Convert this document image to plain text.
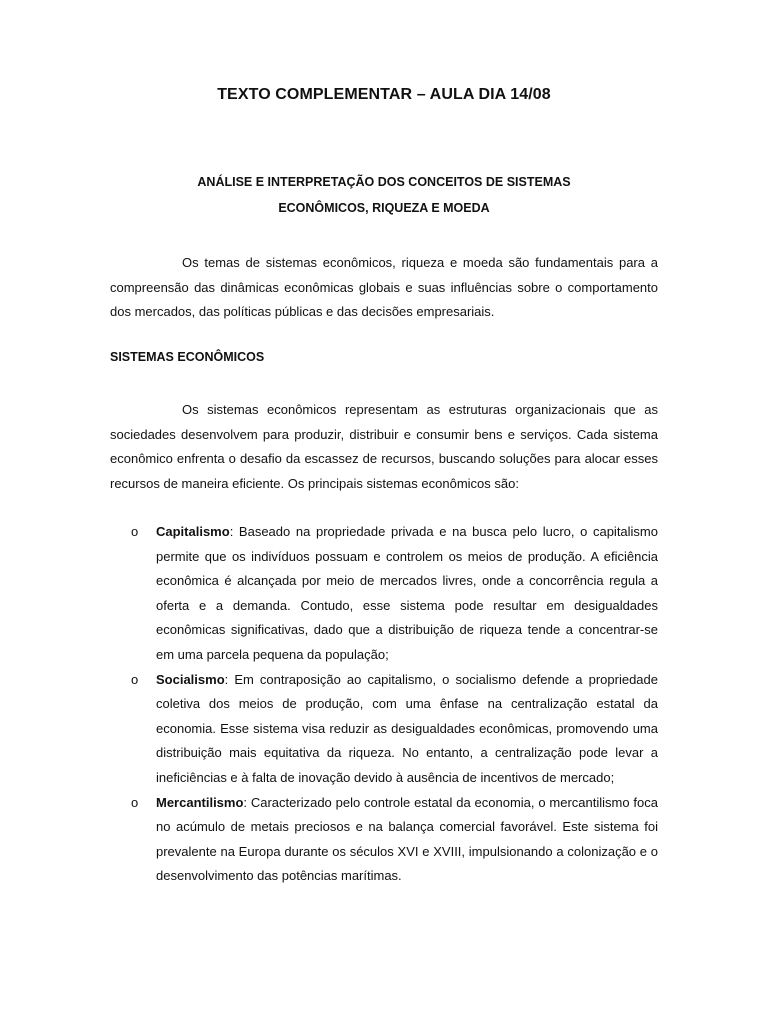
TEXTO COMPLEMENTAR – AULA DIA 14/08
ANÁLISE E INTERPRETAÇÃO DOS CONCEITOS DE SISTEMAS
ECONÔMICOS, RIQUEZA E MOEDA

Os temas de sistemas econômicos, riqueza e moeda são fundamentais para a compreensão das dinâmicas econômicas globais e suas influências sobre o comportamento dos mercados, das políticas públicas e das decisões empresariais.

SISTEMAS ECONÔMICOS

Os sistemas econômicos representam as estruturas organizacionais que as sociedades desenvolvem para produzir, distribuir e consumir bens e serviços. Cada sistema econômico enfrenta o desafio da escassez de recursos, buscando soluções para alocar esses recursos de maneira eficiente. Os principais sistemas econômicos são:

o Capitalismo: Baseado na propriedade privada e na busca pelo lucro, o capitalismo permite que os indivíduos possuam e controlem os meios de produção. A eficiência econômica é alcançada por meio de mercados livres, onde a concorrência regula a oferta e a demanda. Contudo, esse sistema pode resultar em desigualdades econômicas significativas, dado que a distribuição de riqueza tende a concentrar-se em uma parcela pequena da população;
o Socialismo: Em contraposição ao capitalismo, o socialismo defende a propriedade coletiva dos meios de produção, com uma ênfase na centralização estatal da economia. Esse sistema visa reduzir as desigualdades econômicas, promovendo uma distribuição mais equitativa da riqueza. No entanto, a centralização pode levar a ineficiências e à falta de inovação devido à ausência de incentivos de mercado;
o Mercantilismo: Caracterizado pelo controle estatal da economia, o mercantilismo foca no acúmulo de metais preciosos e na balança comercial favorável. Este sistema foi prevalente na Europa durante os séculos XVI e XVIII, impulsionando a colonização e o desenvolvimento das potências marítimas.
